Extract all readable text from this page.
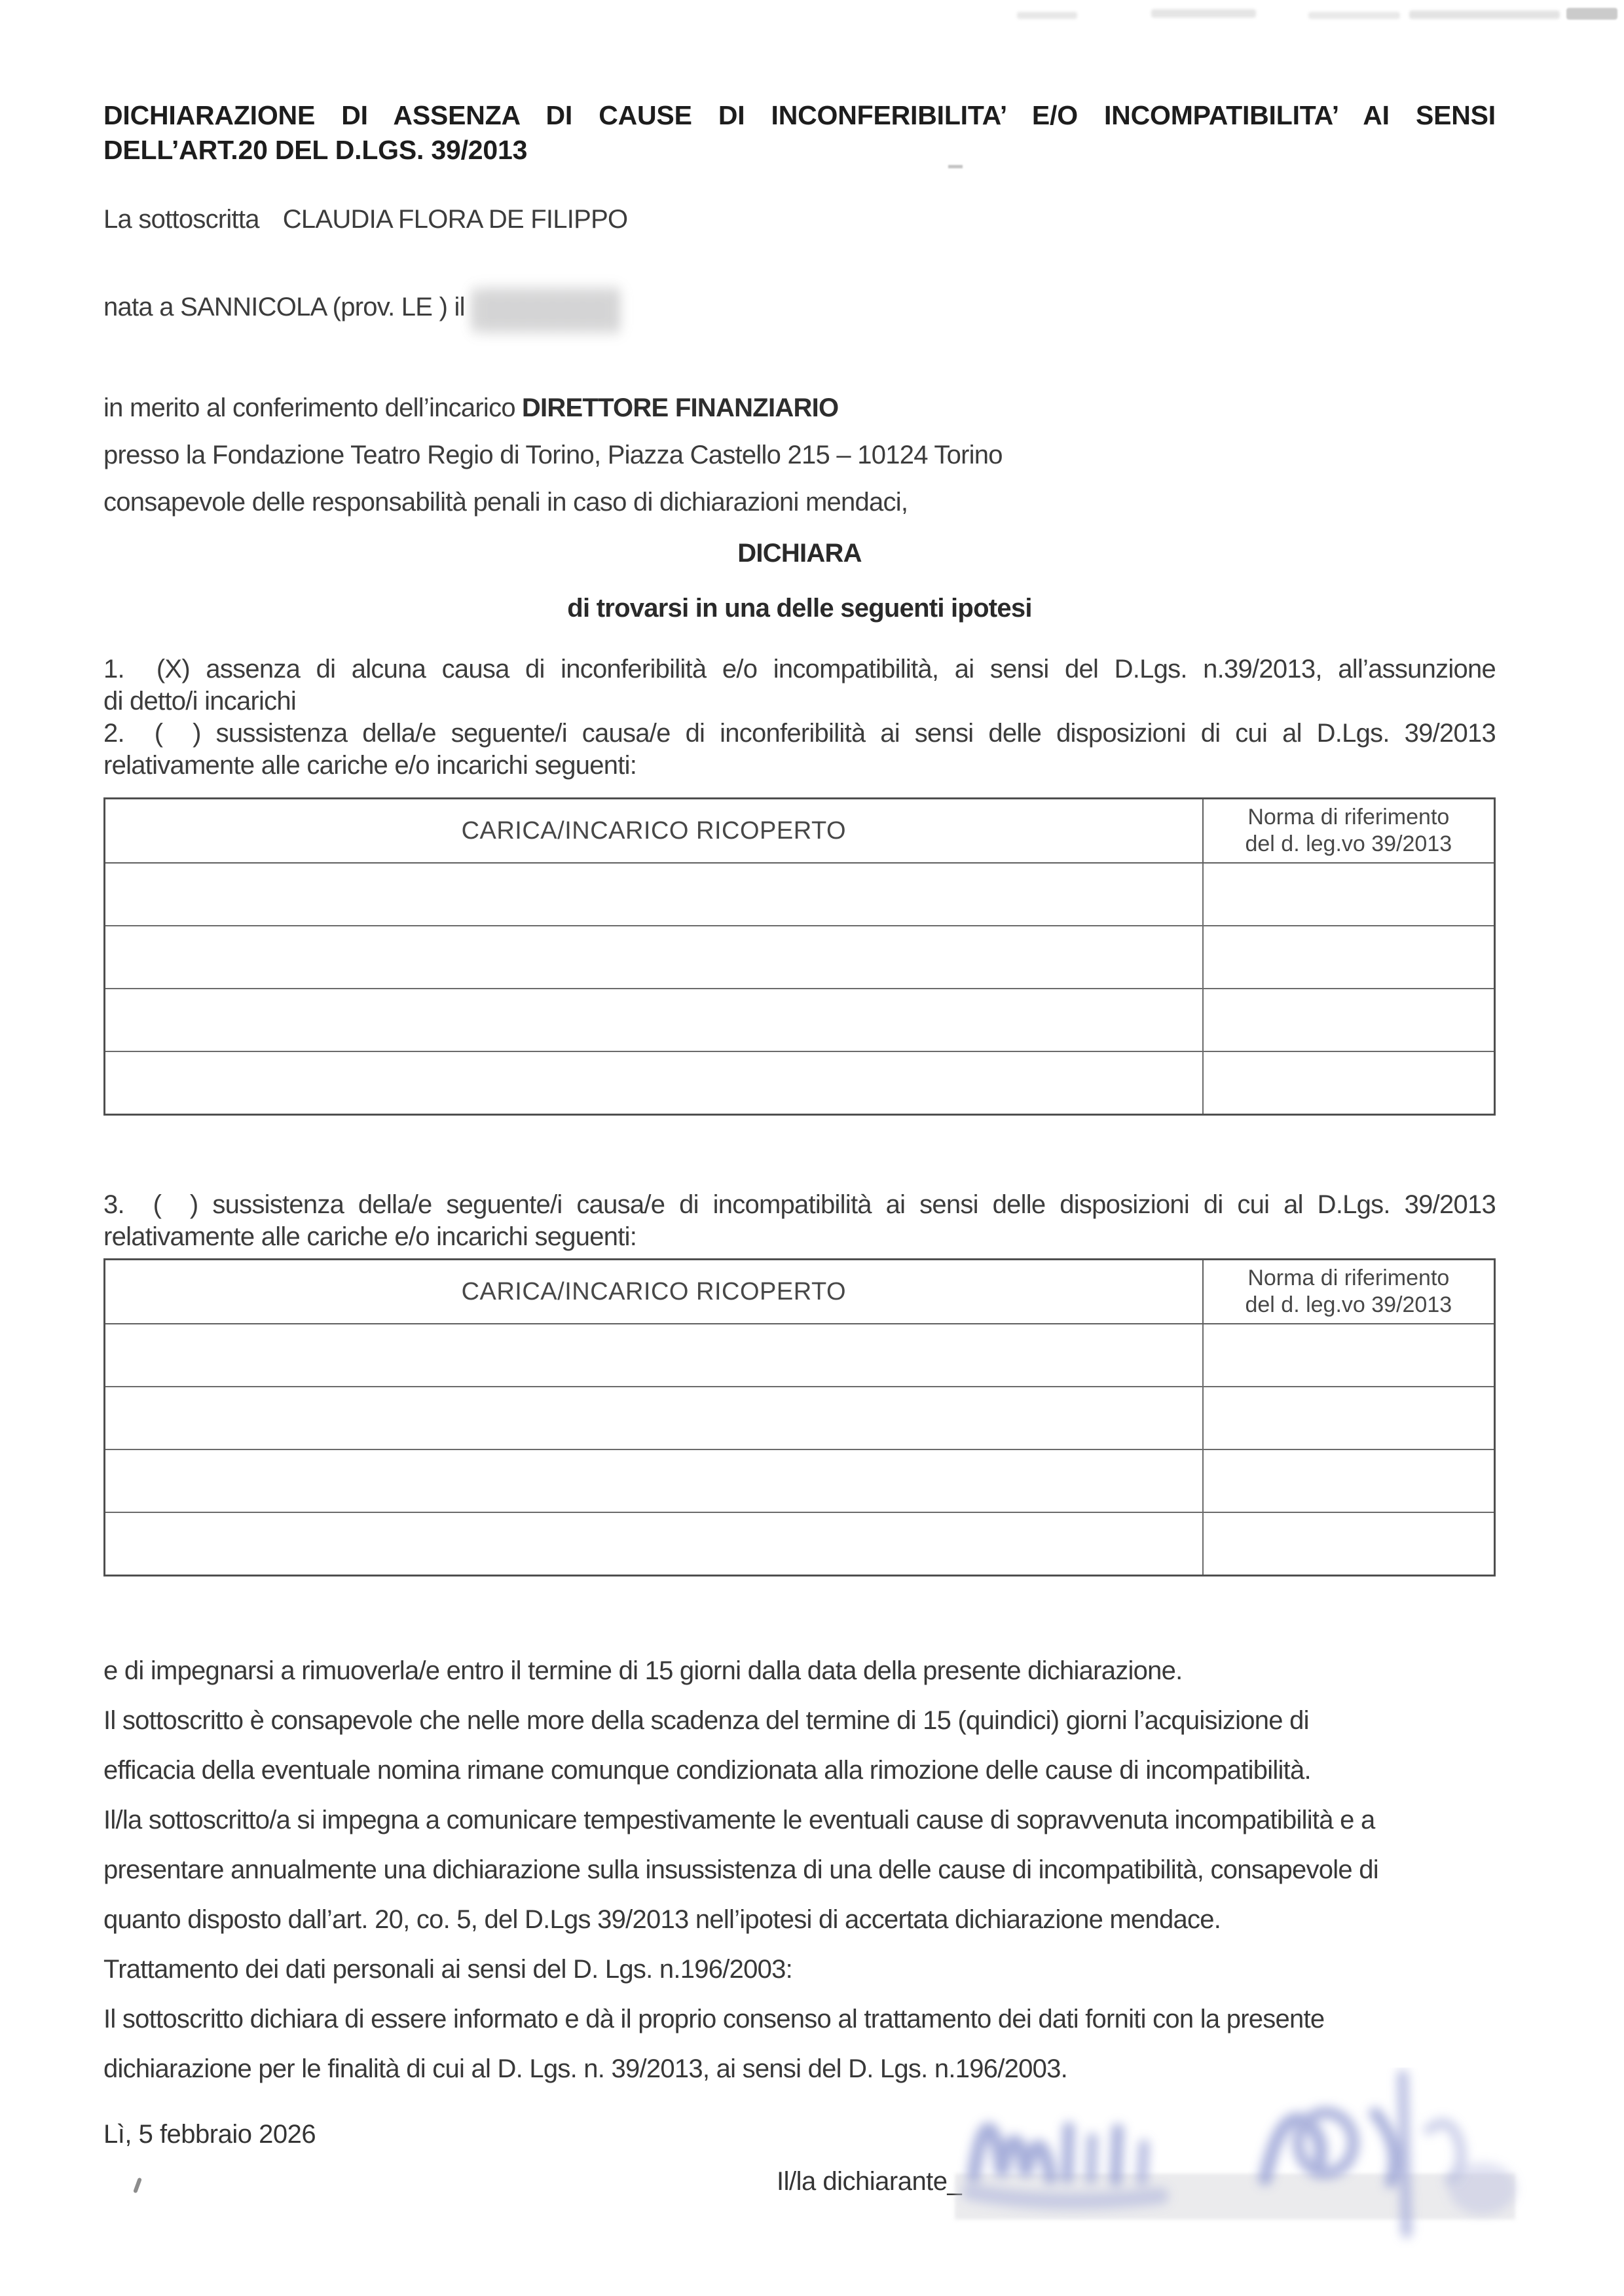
DICHIARAZIONE DI ASSENZA DI CAUSE DI INCONFERIBILITA’ E/O INCOMPATIBILITA’ AI SENSI
DELL’ART.20 DEL D.LGS. 39/2013

La sottoscritta CLAUDIA FLORA DE FILIPPO

nata a SANNICOLA (prov. LE ) il

in merito al conferimento dell’incarico DIRETTORE FINANZIARIO

presso la Fondazione Teatro Regio di Torino, Piazza Castello 215 – 10124 Torino

consapevole delle responsabilità penali in caso di dichiarazioni mendaci,

DICHIARA

di trovarsi in una delle seguenti ipotesi

1.  (X) assenza di alcuna causa di inconferibilità e/o incompatibilità, ai sensi del D.Lgs. n.39/2013, all’assunzione
di detto/i incarichi
2.  (  ) sussistenza della/e seguente/i causa/e di inconferibilità ai sensi delle disposizioni di cui al D.Lgs. 39/2013
relativamente alle cariche e/o incarichi seguenti:
CARICA/INCARICO RICOPERTO	Norma di riferimento
del d. leg.vo 39/2013

3.  (  ) sussistenza della/e seguente/i causa/e di incompatibilità ai sensi delle disposizioni di cui al D.Lgs. 39/2013
relativamente alle cariche e/o incarichi seguenti:
CARICA/INCARICO RICOPERTO	Norma di riferimento
del d. leg.vo 39/2013

e di impegnarsi a rimuoverla/e entro il termine di 15 giorni dalla data della presente dichiarazione.
Il sottoscritto è consapevole che nelle more della scadenza del termine di 15 (quindici) giorni l’acquisizione di
efficacia della eventuale nomina rimane comunque condizionata alla rimozione delle cause di incompatibilità.
Il/la sottoscritto/a si impegna a comunicare tempestivamente le eventuali cause di sopravvenuta incompatibilità e a
presentare annualmente una dichiarazione sulla insussistenza di una delle cause di incompatibilità, consapevole di
quanto disposto dall’art. 20, co. 5, del D.Lgs 39/2013 nell’ipotesi di accertata dichiarazione mendace.
Trattamento dei dati personali ai sensi del D. Lgs. n.196/2003:
Il sottoscritto dichiara di essere informato e dà il proprio consenso al trattamento dei dati forniti con la presente
dichiarazione per le finalità di cui al D. Lgs. n. 39/2013, ai sensi del D. Lgs. n.196/2003.
Lì, 5 febbraio 2026
Il/la dichiarante_
